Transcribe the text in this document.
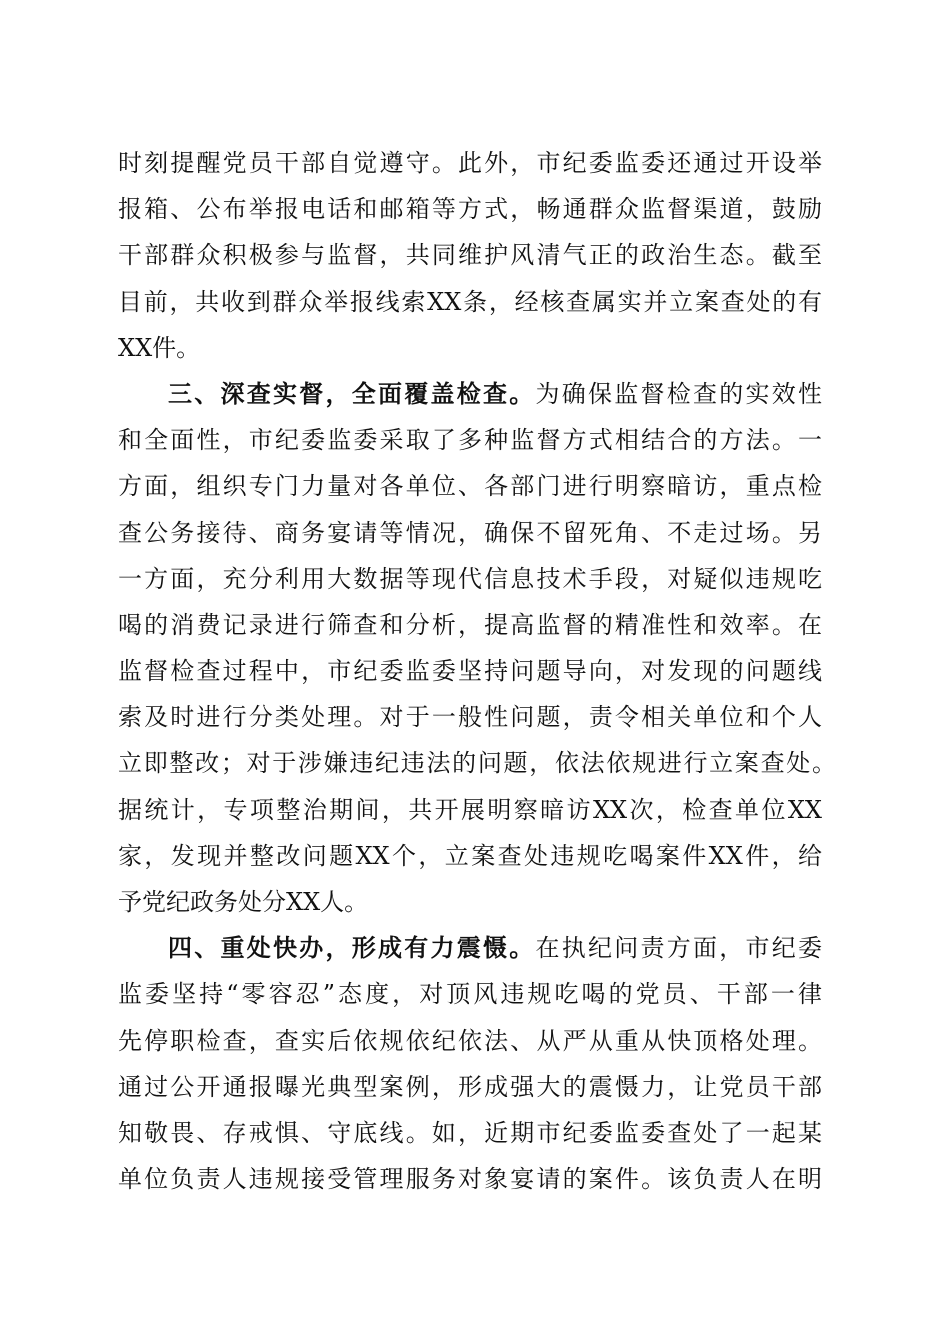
时刻提醒党员干部自觉遵守。此外，市纪委监委还通过开设举
报箱、公布举报电话和邮箱等方式，畅通群众监督渠道，鼓励
干部群众积极参与监督，共同维护风清气正的政治生态。截至
目前，共收到群众举报线索XX条，经核查属实并立案查处的有
XX件。
三、深查实督，全面覆盖检查。为确保监督检查的实效性
和全面性，市纪委监委采取了多种监督方式相结合的方法。一
方面，组织专门力量对各单位、各部门进行明察暗访，重点检
查公务接待、商务宴请等情况，确保不留死角、不走过场。另
一方面，充分利用大数据等现代信息技术手段，对疑似违规吃
喝的消费记录进行筛查和分析，提高监督的精准性和效率。在
监督检查过程中，市纪委监委坚持问题导向，对发现的问题线
索及时进行分类处理。对于一般性问题，责令相关单位和个人
立即整改；对于涉嫌违纪违法的问题，依法依规进行立案查处。
据统计，专项整治期间，共开展明察暗访XX次，检查单位XX
家，发现并整改问题XX个，立案查处违规吃喝案件XX件，给
予党纪政务处分XX人。
四、重处快办，形成有力震慑。在执纪问责方面，市纪委
监委坚持“零容忍”态度，对顶风违规吃喝的党员、干部一律
先停职检查，查实后依规依纪依法、从严从重从快顶格处理。
通过公开通报曝光典型案例，形成强大的震慑力，让党员干部
知敬畏、存戒惧、守底线。如，近期市纪委监委查处了一起某
单位负责人违规接受管理服务对象宴请的案件。该负责人在明
